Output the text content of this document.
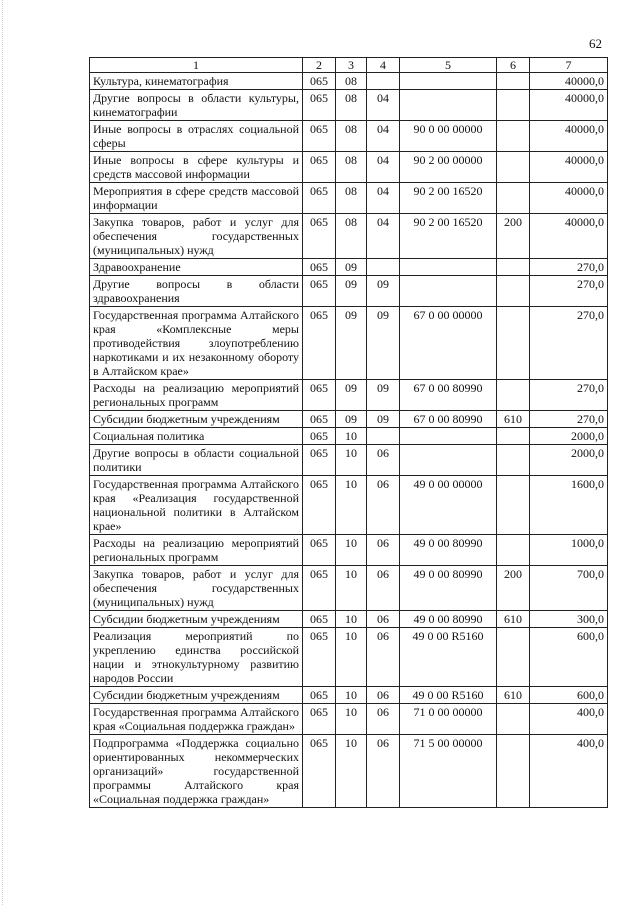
62
1	2	3	4	5	6	7
Культура, кинематография	065	08				40000,0
Другие вопросы в области культуры, кинематографии	065	08	04			40000,0
Иные вопросы в отраслях социальной сферы	065	08	04	90 0 00 00000		40000,0
Иные вопросы в сфере культуры и средств массовой информации	065	08	04	90 2 00 00000		40000,0
Мероприятия в сфере средств массовой информации	065	08	04	90 2 00 16520		40000,0
Закупка товаров, работ и услуг для обеспечения государственных (муниципальных) нужд	065	08	04	90 2 00 16520	200	40000,0
Здравоохранение	065	09				270,0
Другие вопросы в области здравоохранения	065	09	09			270,0
Государственная программа Алтайского края «Комплексные меры противодействия злоупотреблению наркотиками и их незаконному обороту в Алтайском крае»	065	09	09	67 0 00 00000		270,0
Расходы на реализацию мероприятий региональных программ	065	09	09	67 0 00 80990		270,0
Субсидии бюджетным учреждениям	065	09	09	67 0 00 80990	610	270,0
Социальная политика	065	10				2000,0
Другие вопросы в области социальной политики	065	10	06			2000,0
Государственная программа Алтайского края «Реализация государственной национальной политики в Алтайском крае»	065	10	06	49 0 00 00000		1600,0
Расходы на реализацию мероприятий региональных программ	065	10	06	49 0 00 80990		1000,0
Закупка товаров, работ и услуг для обеспечения государственных (муниципальных) нужд	065	10	06	49 0 00 80990	200	700,0
Субсидии бюджетным учреждениям	065	10	06	49 0 00 80990	610	300,0
Реализация мероприятий по укреплению единства российской нации и этнокультурному развитию народов России	065	10	06	49 0 00 R5160		600,0
Субсидии бюджетным учреждениям	065	10	06	49 0 00 R5160	610	600,0
Государственная программа Алтайского края «Социальная поддержка граждан»	065	10	06	71 0 00 00000		400,0
Подпрограмма «Поддержка социально ориентированных некоммерческих организаций» государственной программы Алтайского края «Социальная поддержка граждан»	065	10	06	71 5 00 00000		400,0
